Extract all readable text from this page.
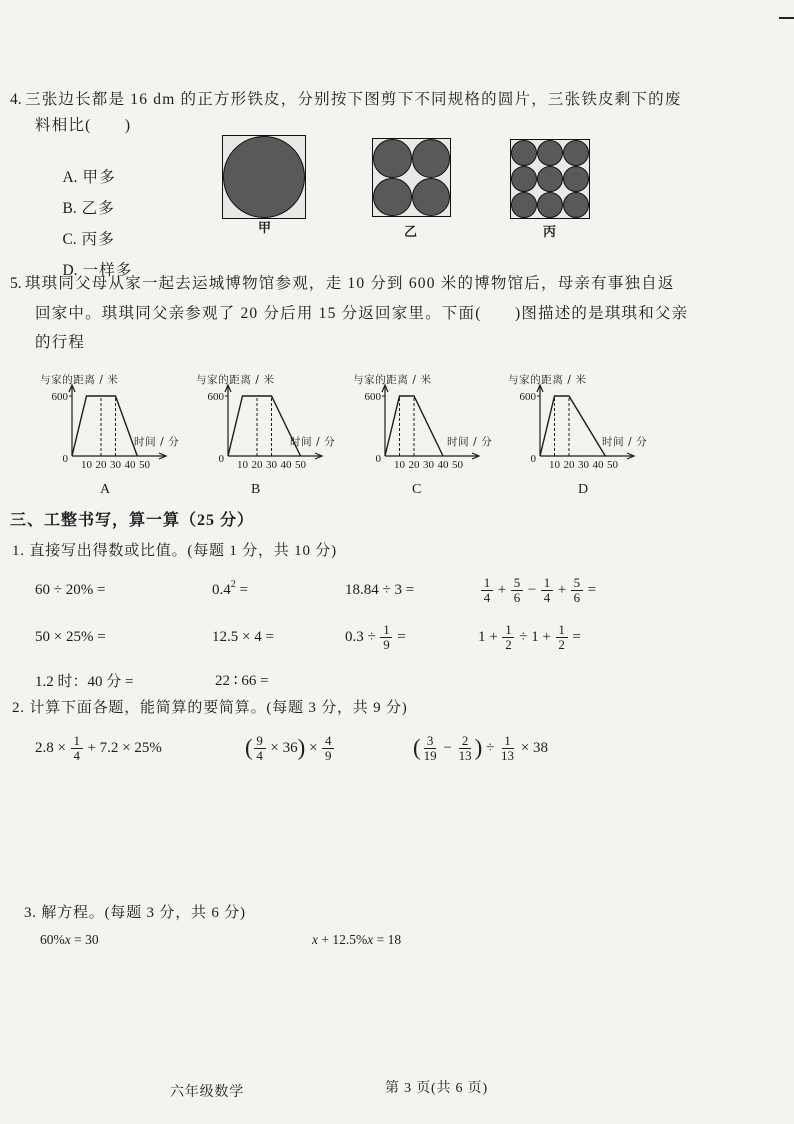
4. 三张边长都是 16 dm 的正方形铁皮，分别按下图剪下不同规格的圆片，三张铁皮剩下的废
料相比(　　)

A. 甲多

B. 乙多

C. 丙多

D. 一样多

甲	乙	丙
5. 琪琪同父母从家一起去运城博物馆参观，走 10 分到 600 米的博物馆后，母亲有事独自返
回家中。琪琪同父亲参观了 20 分后用 15 分返回家里。下面(　　)图描述的是琪琪和父亲
的行程
与家的距离 / 米
600
0 10 20 30 40 50
时间 / 分
A
与家的距离 / 米
600
0 10 20 30 40 50
时间 / 分
B
与家的距离 / 米
600
0 10 20 30 40 50
时间 / 分
C
与家的距离 / 米
600
0 10 20 30 40 50
时间 / 分
D
三、工整书写，算一算（25 分）
1. 直接写出得数或比值。(每题 1 分，共 10 分)
60 ÷ 20% =	0.4 2 =	18.84 ÷ 3 =	$\frac{1}{4} + \frac{5}{6} - \frac{1}{4} + \frac{5}{6}$ =
50 × 25% =	12.5 × 4 =	$0.3 \div \frac{1}{9}$ =	$1 + \frac{1}{2} \div 1 + \frac{1}{2}$ =
1.2 时：40 分 =	22 ∶ 66 =
2. 计算下面各题，能简算的要简算。(每题 3 分，共 9 分)
$2.8 \times \frac{1}{4} + 7.2 \times 25\%$	( $\frac{9}{4} \times 36$ ) × $\frac{4}{9}$	( $\frac{3}{19} - \frac{2}{13}$ ) ÷ $\frac{1}{13} \times 38$
3. 解方程。(每题 3 分，共 6 分)
60% x = 30	x + 12.5% x = 18
六年级数学	第 3 页(共 6 页)
